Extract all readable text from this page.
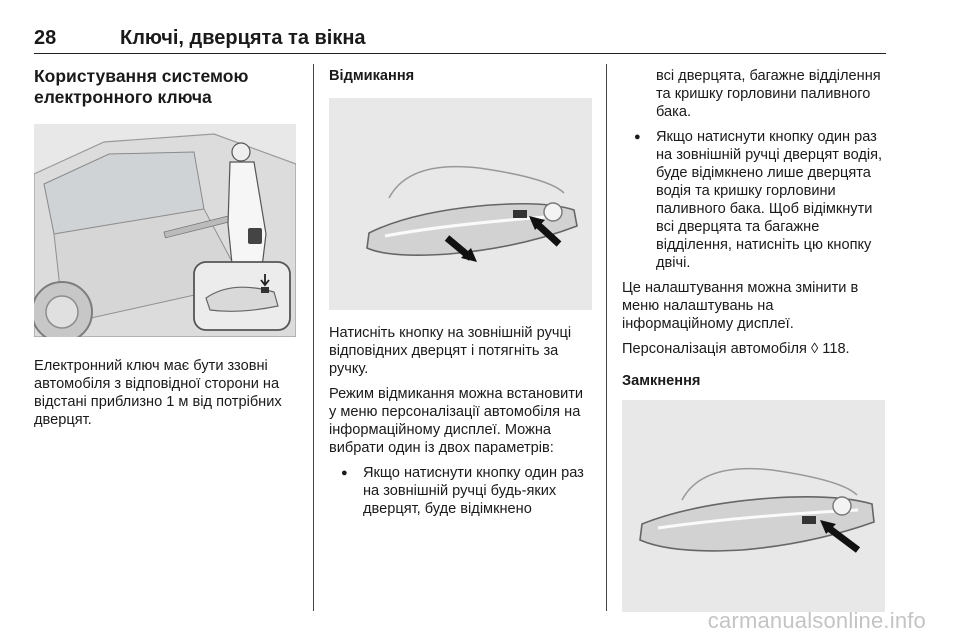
28	Ключі, дверцята та вікна
Користування системою електронного ключа

Електронний ключ має бути ззовні автомобіля з відповідної сторони на відстані приблизно 1 м від потрібних дверцят.

Відмикання

Натисніть кнопку на зовнішній ручці відповідних дверцят і потягніть за ручку.

Режим відмикання можна встановити у меню персоналізації автомобіля на інформаційному дисплеї. Можна вибрати один із двох параметрів:

● Якщо натиснути кнопку один раз на зовнішній ручці будь-яких дверцят, буде відімкнено

всі дверцята, багажне відділення та кришку горловини паливного бака.

● Якщо натиснути кнопку один раз на зовнішній ручці дверцят водія, буде відімкнено лише дверцята водія та кришку горловини паливного бака. Щоб відімкнути всі дверцята та багажне відділення, натисніть цю кнопку двічі.

Це налаштування можна змінити в меню налаштувань на інформаційному дисплеї.

Персоналізація автомобіля ◊ 118.

Замкнення
carmanualsonline.info
